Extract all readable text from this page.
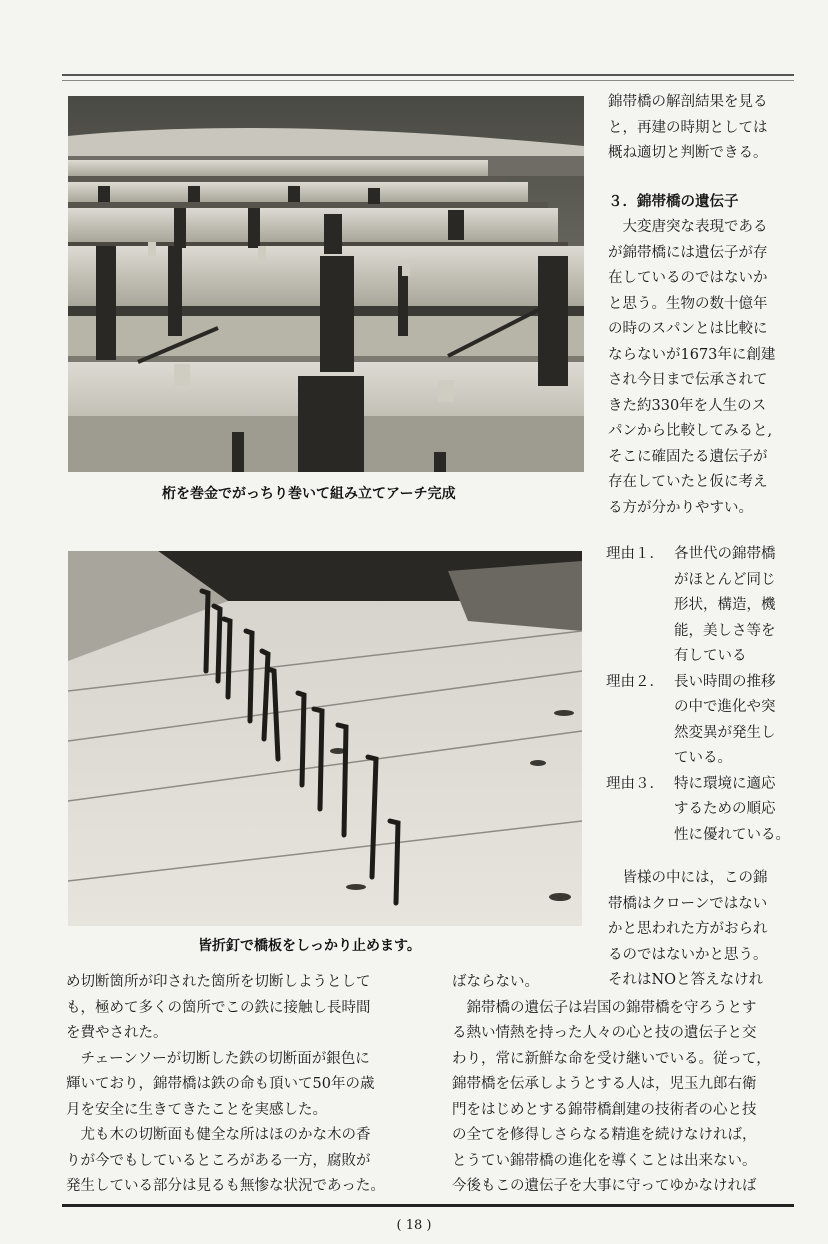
桁を巻金でがっちり巻いて組み立てアーチ完成
皆折釘で橋板をしっかり止めます。

錦帯橋の解剖結果を見る

と，再建の時期としては

概ね適切と判断できる。

３．錦帯橋の遺伝子

　大変唐突な表現である

が錦帯橋には遺伝子が存

在しているのではないか

と思う。生物の数十億年

の時のスパンとは比較に

ならないが1673年に創建

され今日まで伝承されて

きた約330年を人生のス

パンから比較してみると,

そこに確固たる遺伝子が

存在していたと仮に考え

る方が分かりやすい。

理由１． 各世代の錦帯橋

がほとんど同じ

形状，構造，機

能，美しさ等を

有している

理由２． 長い時間の推移

の中で進化や突

然変異が発生し

ている。

理由３． 特に環境に適応

するための順応

性に優れている。

　皆様の中には，この錦

帯橋はクローンではない

かと思われた方がおられ

るのではないかと思う。

それはNOと答えなけれ

め切断箇所が印された箇所を切断しようとして

も，極めて多くの箇所でこの鉄に接触し長時間

を費やされた。

　チェーンソーが切断した鉄の切断面が銀色に

輝いており，錦帯橋は鉄の命も頂いて50年の歳

月を安全に生きてきたことを実感した。

　尤も木の切断面も健全な所はほのかな木の香

りが今でもしているところがある一方，腐敗が

発生している部分は見るも無惨な状況であった。

ばならない。

　錦帯橋の遺伝子は岩国の錦帯橋を守ろうとす

る熱い情熱を持った人々の心と技の遺伝子と交

わり，常に新鮮な命を受け継いでいる。従って，

錦帯橋を伝承しようとする人は，児玉九郎右衛

門をはじめとする錦帯橋創建の技術者の心と技

の全てを修得しさらなる精進を続けなければ，

とうてい錦帯橋の進化を導くことは出来ない。

今後もこの遺伝子を大事に守ってゆかなければ

( 18 )
